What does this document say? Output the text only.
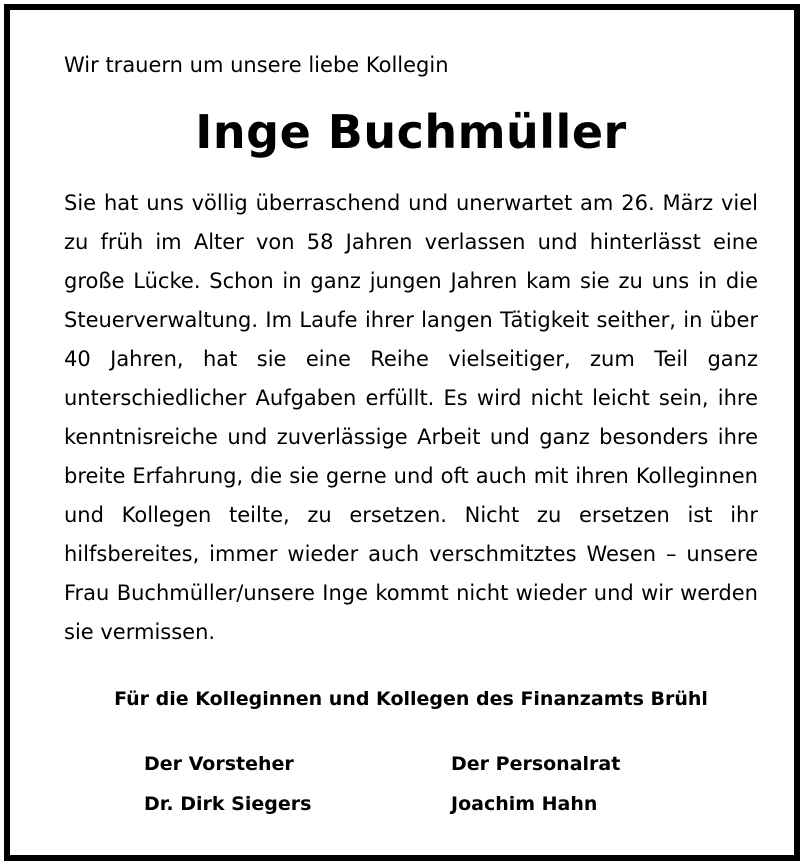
Wir trauern um unsere liebe Kollegin

Inge Buchmüller

Sie hat uns völlig überraschend und unerwartet am 26. März viel zu früh im Alter von 58 Jahren verlassen und hinterlässt eine große Lücke. Schon in ganz jungen Jahren kam sie zu uns in die Steuerverwaltung. Im Laufe ihrer langen Tätigkeit seither, in über 40 Jahren, hat sie eine Reihe vielseitiger, zum Teil ganz unterschiedlicher Aufgaben erfüllt. Es wird nicht leicht sein, ihre kenntnisreiche und zuverlässige Arbeit und ganz besonders ihre breite Erfahrung, die sie gerne und oft auch mit ihren Kolleginnen und Kollegen teilte, zu ersetzen. Nicht zu ersetzen ist ihr hilfsbereites, immer wieder auch verschmitztes Wesen – unsere Frau Buchmüller/unsere Inge kommt nicht wieder und wir werden sie vermissen.

Für die Kolleginnen und Kollegen des Finanzamts Brühl

Der Vorsteher
Dr. Dirk Siegers
Der Personalrat
Joachim Hahn
